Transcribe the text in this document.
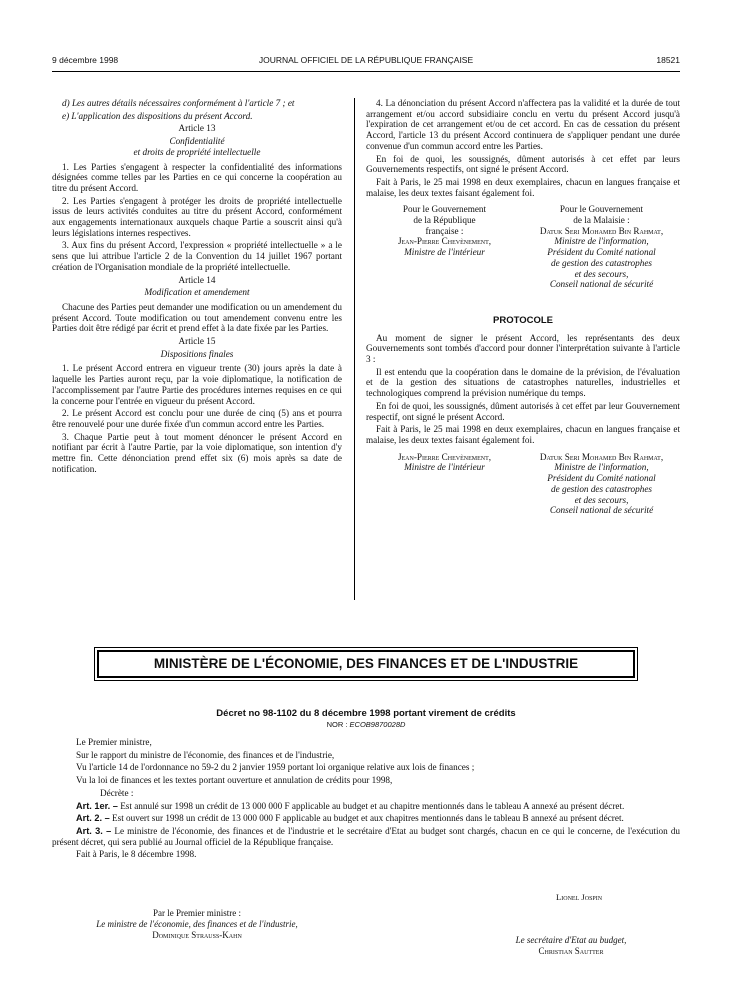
9 décembre 1998	JOURNAL OFFICIEL DE LA RÉPUBLIQUE FRANÇAISE	18521

d) Les autres détails nécessaires conformément à l'article 7 ; et

e) L'application des dispositions du présent Accord.

Article 13

Confidentialité
et droits de propriété intellectuelle

1. Les Parties s'engagent à respecter la confidentialité des informations désignées comme telles par les Parties en ce qui concerne la coopération au titre du présent Accord.

2. Les Parties s'engagent à protéger les droits de propriété intellectuelle issus de leurs activités conduites au titre du présent Accord, conformément aux engagements internationaux auxquels chaque Partie a souscrit ainsi qu'à leurs législations internes respectives.

3. Aux fins du présent Accord, l'expression « propriété intellectuelle » a le sens que lui attribue l'article 2 de la Convention du 14 juillet 1967 portant création de l'Organisation mondiale de la propriété intellectuelle.

Article 14

Modification et amendement

Chacune des Parties peut demander une modification ou un amendement du présent Accord. Toute modification ou tout amendement convenu entre les Parties doit être rédigé par écrit et prend effet à la date fixée par les Parties.

Article 15

Dispositions finales

1. Le présent Accord entrera en vigueur trente (30) jours après la date à laquelle les Parties auront reçu, par la voie diplomatique, la notification de l'accomplissement par l'autre Partie des procédures internes requises en ce qui la concerne pour l'entrée en vigueur du présent Accord.

2. Le présent Accord est conclu pour une durée de cinq (5) ans et pourra être renouvelé pour une durée fixée d'un commun accord entre les Parties.

3. Chaque Partie peut à tout moment dénoncer le présent Accord en notifiant par écrit à l'autre Partie, par la voie diplomatique, son intention d'y mettre fin. Cette dénonciation prend effet six (6) mois après sa date de notification.

4. La dénonciation du présent Accord n'affectera pas la validité et la durée de tout arrangement et/ou accord subsidiaire conclu en vertu du présent Accord jusqu'à l'expiration de cet arrangement et/ou de cet accord. En cas de cessation du présent Accord, l'article 13 du présent Accord continuera de s'appliquer pendant une durée convenue d'un commun accord entre les Parties.

En foi de quoi, les soussignés, dûment autorisés à cet effet par leurs Gouvernements respectifs, ont signé le présent Accord.

Fait à Paris, le 25 mai 1998 en deux exemplaires, chacun en langues française et malaise, les deux textes faisant également foi.

Pour le Gouvernement
de la République
française :
Jean-Pierre Chevènement,
Ministre de l'intérieur
Pour le Gouvernement
de la Malaisie :
Datuk Seri Mohamed Bin Rahmat,
Ministre de l'information,
Président du Comité national
de gestion des catastrophes
et des secours,
Conseil national de sécurité
PROTOCOLE

Au moment de signer le présent Accord, les représentants des deux Gouvernements sont tombés d'accord pour donner l'interprétation suivante à l'article 3 :

Il est entendu que la coopération dans le domaine de la prévision, de l'évaluation et de la gestion des situations de catastrophes naturelles, industrielles et technologiques comprend la prévision numérique du temps.

En foi de quoi, les soussignés, dûment autorisés à cet effet par leur Gouvernement respectif, ont signé le présent Accord.

Fait à Paris, le 25 mai 1998 en deux exemplaires, chacun en langues française et malaise, les deux textes faisant également foi.

Jean-Pierre Chevènement,
Ministre de l'intérieur
Datuk Seri Mohamed Bin Rahmat,
Ministre de l'information,
Président du Comité national
de gestion des catastrophes
et des secours,
Conseil national de sécurité
MINISTÈRE DE L'ÉCONOMIE, DES FINANCES ET DE L'INDUSTRIE
Décret no 98-1102 du 8 décembre 1998 portant virement de crédits
NOR : ECOB9870028D

Le Premier ministre,

Sur le rapport du ministre de l'économie, des finances et de l'industrie,

Vu l'article 14 de l'ordonnance no 59-2 du 2 janvier 1959 portant loi organique relative aux lois de finances ;

Vu la loi de finances et les textes portant ouverture et annulation de crédits pour 1998,

Décrète :

Art. 1er. – Est annulé sur 1998 un crédit de 13 000 000 F applicable au budget et au chapitre mentionnés dans le tableau A annexé au présent décret.

Art. 2. – Est ouvert sur 1998 un crédit de 13 000 000 F applicable au budget et aux chapitres mentionnés dans le tableau B annexé au présent décret.

Art. 3. – Le ministre de l'économie, des finances et de l'industrie et le secrétaire d'Etat au budget sont chargés, chacun en ce qui le concerne, de l'exécution du présent décret, qui sera publié au Journal officiel de la République française.

Fait à Paris, le 8 décembre 1998.

Lionel Jospin
Par le Premier ministre :
Le ministre de l'économie, des finances et de l'industrie,
Dominique Strauss-Kahn	Le secrétaire d'Etat au budget,
Christian Sautter
